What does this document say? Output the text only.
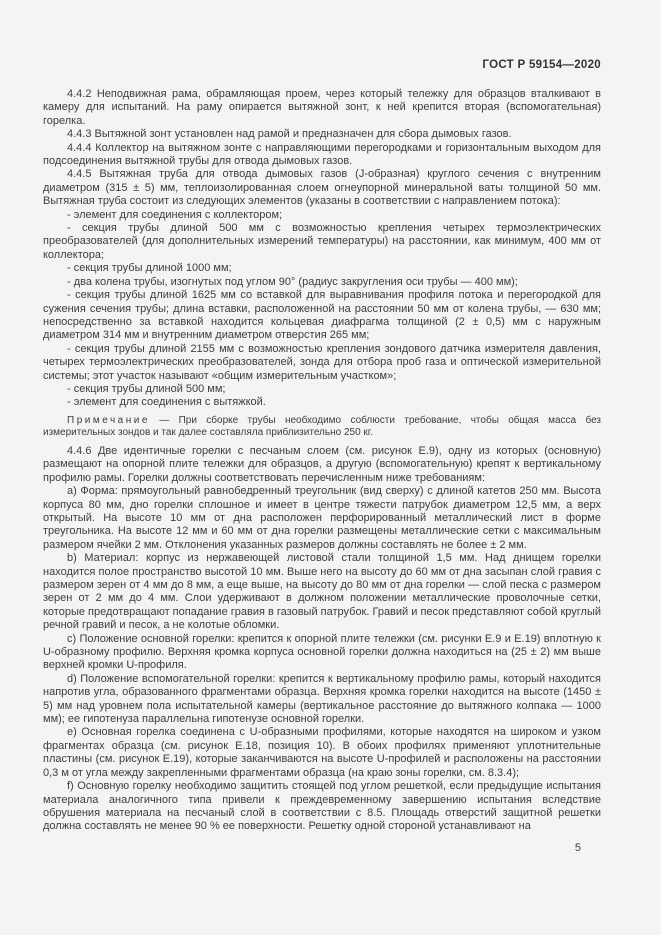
ГОСТ Р 59154—2020

4.4.2 Неподвижная рама, обрамляющая проем, через который тележку для образцов вталкивают в камеру для испытаний. На раму опирается вытяжной зонт, к ней крепится вторая (вспомогательная) горелка.

4.4.3 Вытяжной зонт установлен над рамой и предназначен для сбора дымовых газов.

4.4.4 Коллектор на вытяжном зонте с направляющими перегородками и горизонтальным выходом для подсоединения вытяжной трубы для отвода дымовых газов.

4.4.5 Вытяжная труба для отвода дымовых газов (J-образная) круглого сечения с внутренним диаметром (315 ± 5) мм, теплоизолированная слоем огнеупорной минеральной ваты толщиной 50 мм. Вытяжная труба состоит из следующих элементов (указаны в соответствии с направлением потока):

- элемент для соединения с коллектором;

- секция трубы длиной 500 мм с возможностью крепления четырех термоэлектрических преобразователей (для дополнительных измерений температуры) на расстоянии, как минимум, 400 мм от коллектора;

- секция трубы длиной 1000 мм;

- два колена трубы, изогнутых под углом 90° (радиус закругления оси трубы — 400 мм);

- секция трубы длиной 1625 мм со вставкой для выравнивания профиля потока и перегородкой для сужения сечения трубы; длина вставки, расположенной на расстоянии 50 мм от колена трубы, — 630 мм; непосредственно за вставкой находится кольцевая диафрагма толщиной (2 ± 0,5) мм с наружным диаметром 314 мм и внутренним диаметром отверстия 265 мм;

- секция трубы длиной 2155 мм с возможностью крепления зондового датчика измерителя давления, четырех термоэлектрических преобразователей, зонда для отбора проб газа и оптической измерительной системы; этот участок называют «общим измерительным участком»;

- секция трубы длиной 500 мм;

- элемент для соединения с вытяжкой.

Примечание — При сборке трубы необходимо соблюсти требование, чтобы общая масса без измерительных зондов и так далее составляла приблизительно 250 кг.

4.4.6 Две идентичные горелки с песчаным слоем (см. рисунок Е.9), одну из которых (основную) размещают на опорной плите тележки для образцов, а другую (вспомогательную) крепят к вертикальному профилю рамы. Горелки должны соответствовать перечисленным ниже требованиям:

a) Форма: прямоугольный равнобедренный треугольник (вид сверху) с длиной катетов 250 мм. Высота корпуса 80 мм, дно горелки сплошное и имеет в центре тяжести патрубок диаметром 12,5 мм, а верх открытый. На высоте 10 мм от дна расположен перфорированный металлический лист в форме треугольника. На высоте 12 мм и 60 мм от дна горелки размещены металлические сетки с максимальным размером ячейки 2 мм. Отклонения указанных размеров должны составлять не более ± 2 мм.

b) Материал: корпус из нержавеющей листовой стали толщиной 1,5 мм. Над днищем горелки находится полое пространство высотой 10 мм. Выше него на высоту до 60 мм от дна засыпан слой гравия с размером зерен от 4 мм до 8 мм, а еще выше, на высоту до 80 мм от дна горелки — слой песка с размером зерен от 2 мм до 4 мм. Слои удерживают в должном положении металлические проволочные сетки, которые предотвращают попадание гравия в газовый патрубок. Гравий и песок представляют собой круглый речной гравий и песок, а не колотые обломки.

c) Положение основной горелки: крепится к опорной плите тележки (см. рисунки Е.9 и Е.19) вплотную к U-образному профилю. Верхняя кромка корпуса основной горелки должна находиться на (25 ± 2) мм выше верхней кромки U-профиля.

d) Положение вспомогательной горелки: крепится к вертикальному профилю рамы, который находится напротив угла, образованного фрагментами образца. Верхняя кромка горелки находится на высоте (1450 ± 5) мм над уровнем пола испытательной камеры (вертикальное расстояние до вытяжного колпака — 1000 мм); ее гипотенуза параллельна гипотенузе основной горелки.

e) Основная горелка соединена с U-образными профилями, которые находятся на широком и узком фрагментах образца (см. рисунок Е.18, позиция 10). В обоих профилях применяют уплотнительные пластины (см. рисунок Е.19), которые заканчиваются на высоте U-профилей и расположены на расстоянии 0,3 м от угла между закрепленными фрагментами образца (на краю зоны горелки, см. 8.3.4);

f) Основную горелку необходимо защитить стоящей под углом решеткой, если предыдущие испытания материала аналогичного типа привели к преждевременному завершению испытания вследствие обрушения материала на песчаный слой в соответствии с 8.5. Площадь отверстий защитной решетки должна составлять не менее 90 % ее поверхности. Решетку одной стороной устанавливают на

5
